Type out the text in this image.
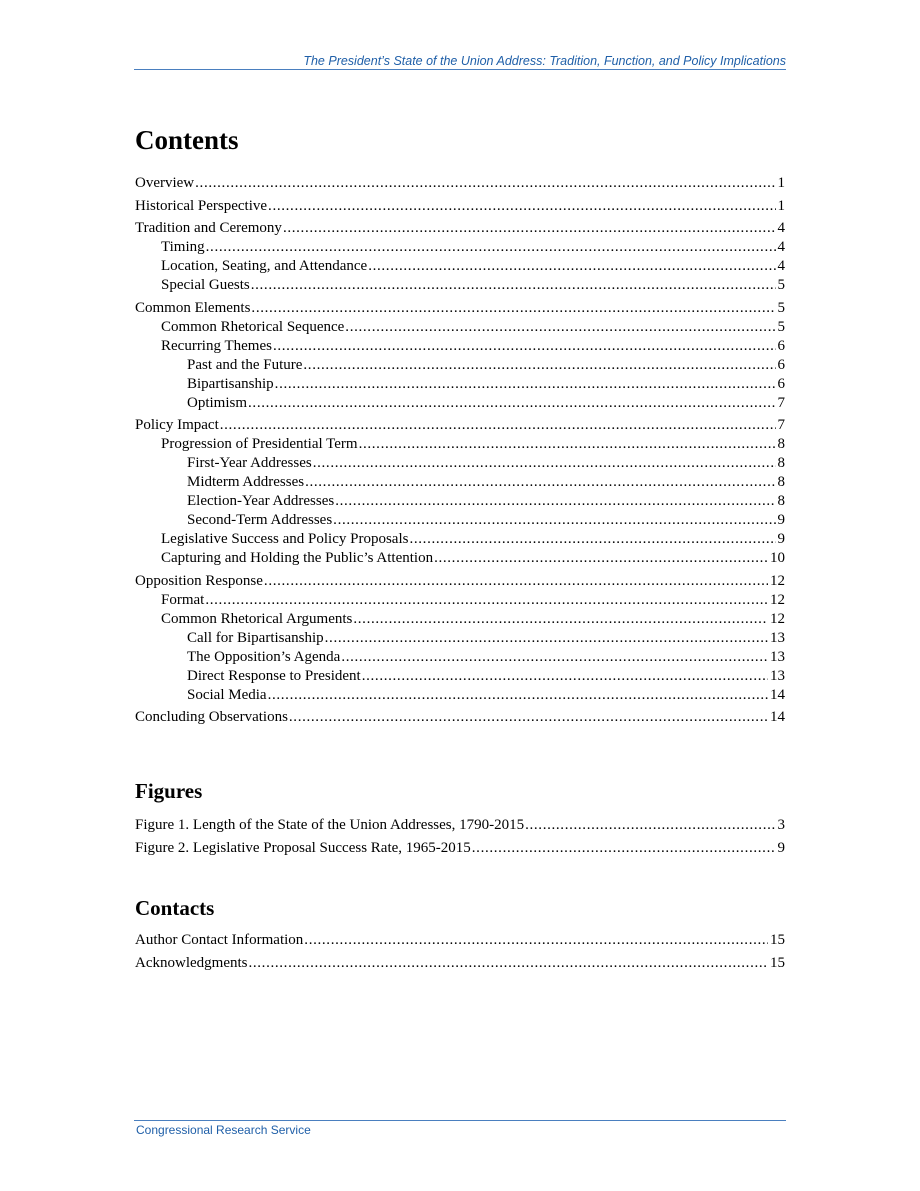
The President’s State of the Union Address: Tradition, Function, and Policy Implications
Contents
Overview . . .	1
Historical Perspective . . .	1
Tradition and Ceremony . . .	4
Timing . . .	4
Location, Seating, and Attendance . . .	4
Special Guests . . .	5
Common Elements . . .	5
Common Rhetorical Sequence . . .	5
Recurring Themes . . .	6
Past and the Future . . .	6
Bipartisanship . . .	6
Optimism . . .	7
Policy Impact . . .	7
Progression of Presidential Term . . .	8
First-Year Addresses . . .	8
Midterm Addresses . . .	8
Election-Year Addresses . . .	8
Second-Term Addresses . . .	9
Legislative Success and Policy Proposals . . .	9
Capturing and Holding the Public’s Attention . . .	10
Opposition Response . . .	12
Format . . .	12
Common Rhetorical Arguments . . .	12
Call for Bipartisanship . . .	13
The Opposition’s Agenda . . .	13
Direct Response to President . . .	13
Social Media . . .	14
Concluding Observations . . .	14
Figures
Figure 1. Length of the State of the Union Addresses, 1790-2015 . . .	3
Figure 2. Legislative Proposal Success Rate, 1965-2015 . . .	9
Contacts
Author Contact Information . . .	15
Acknowledgments . . .	15
Congressional Research Service
